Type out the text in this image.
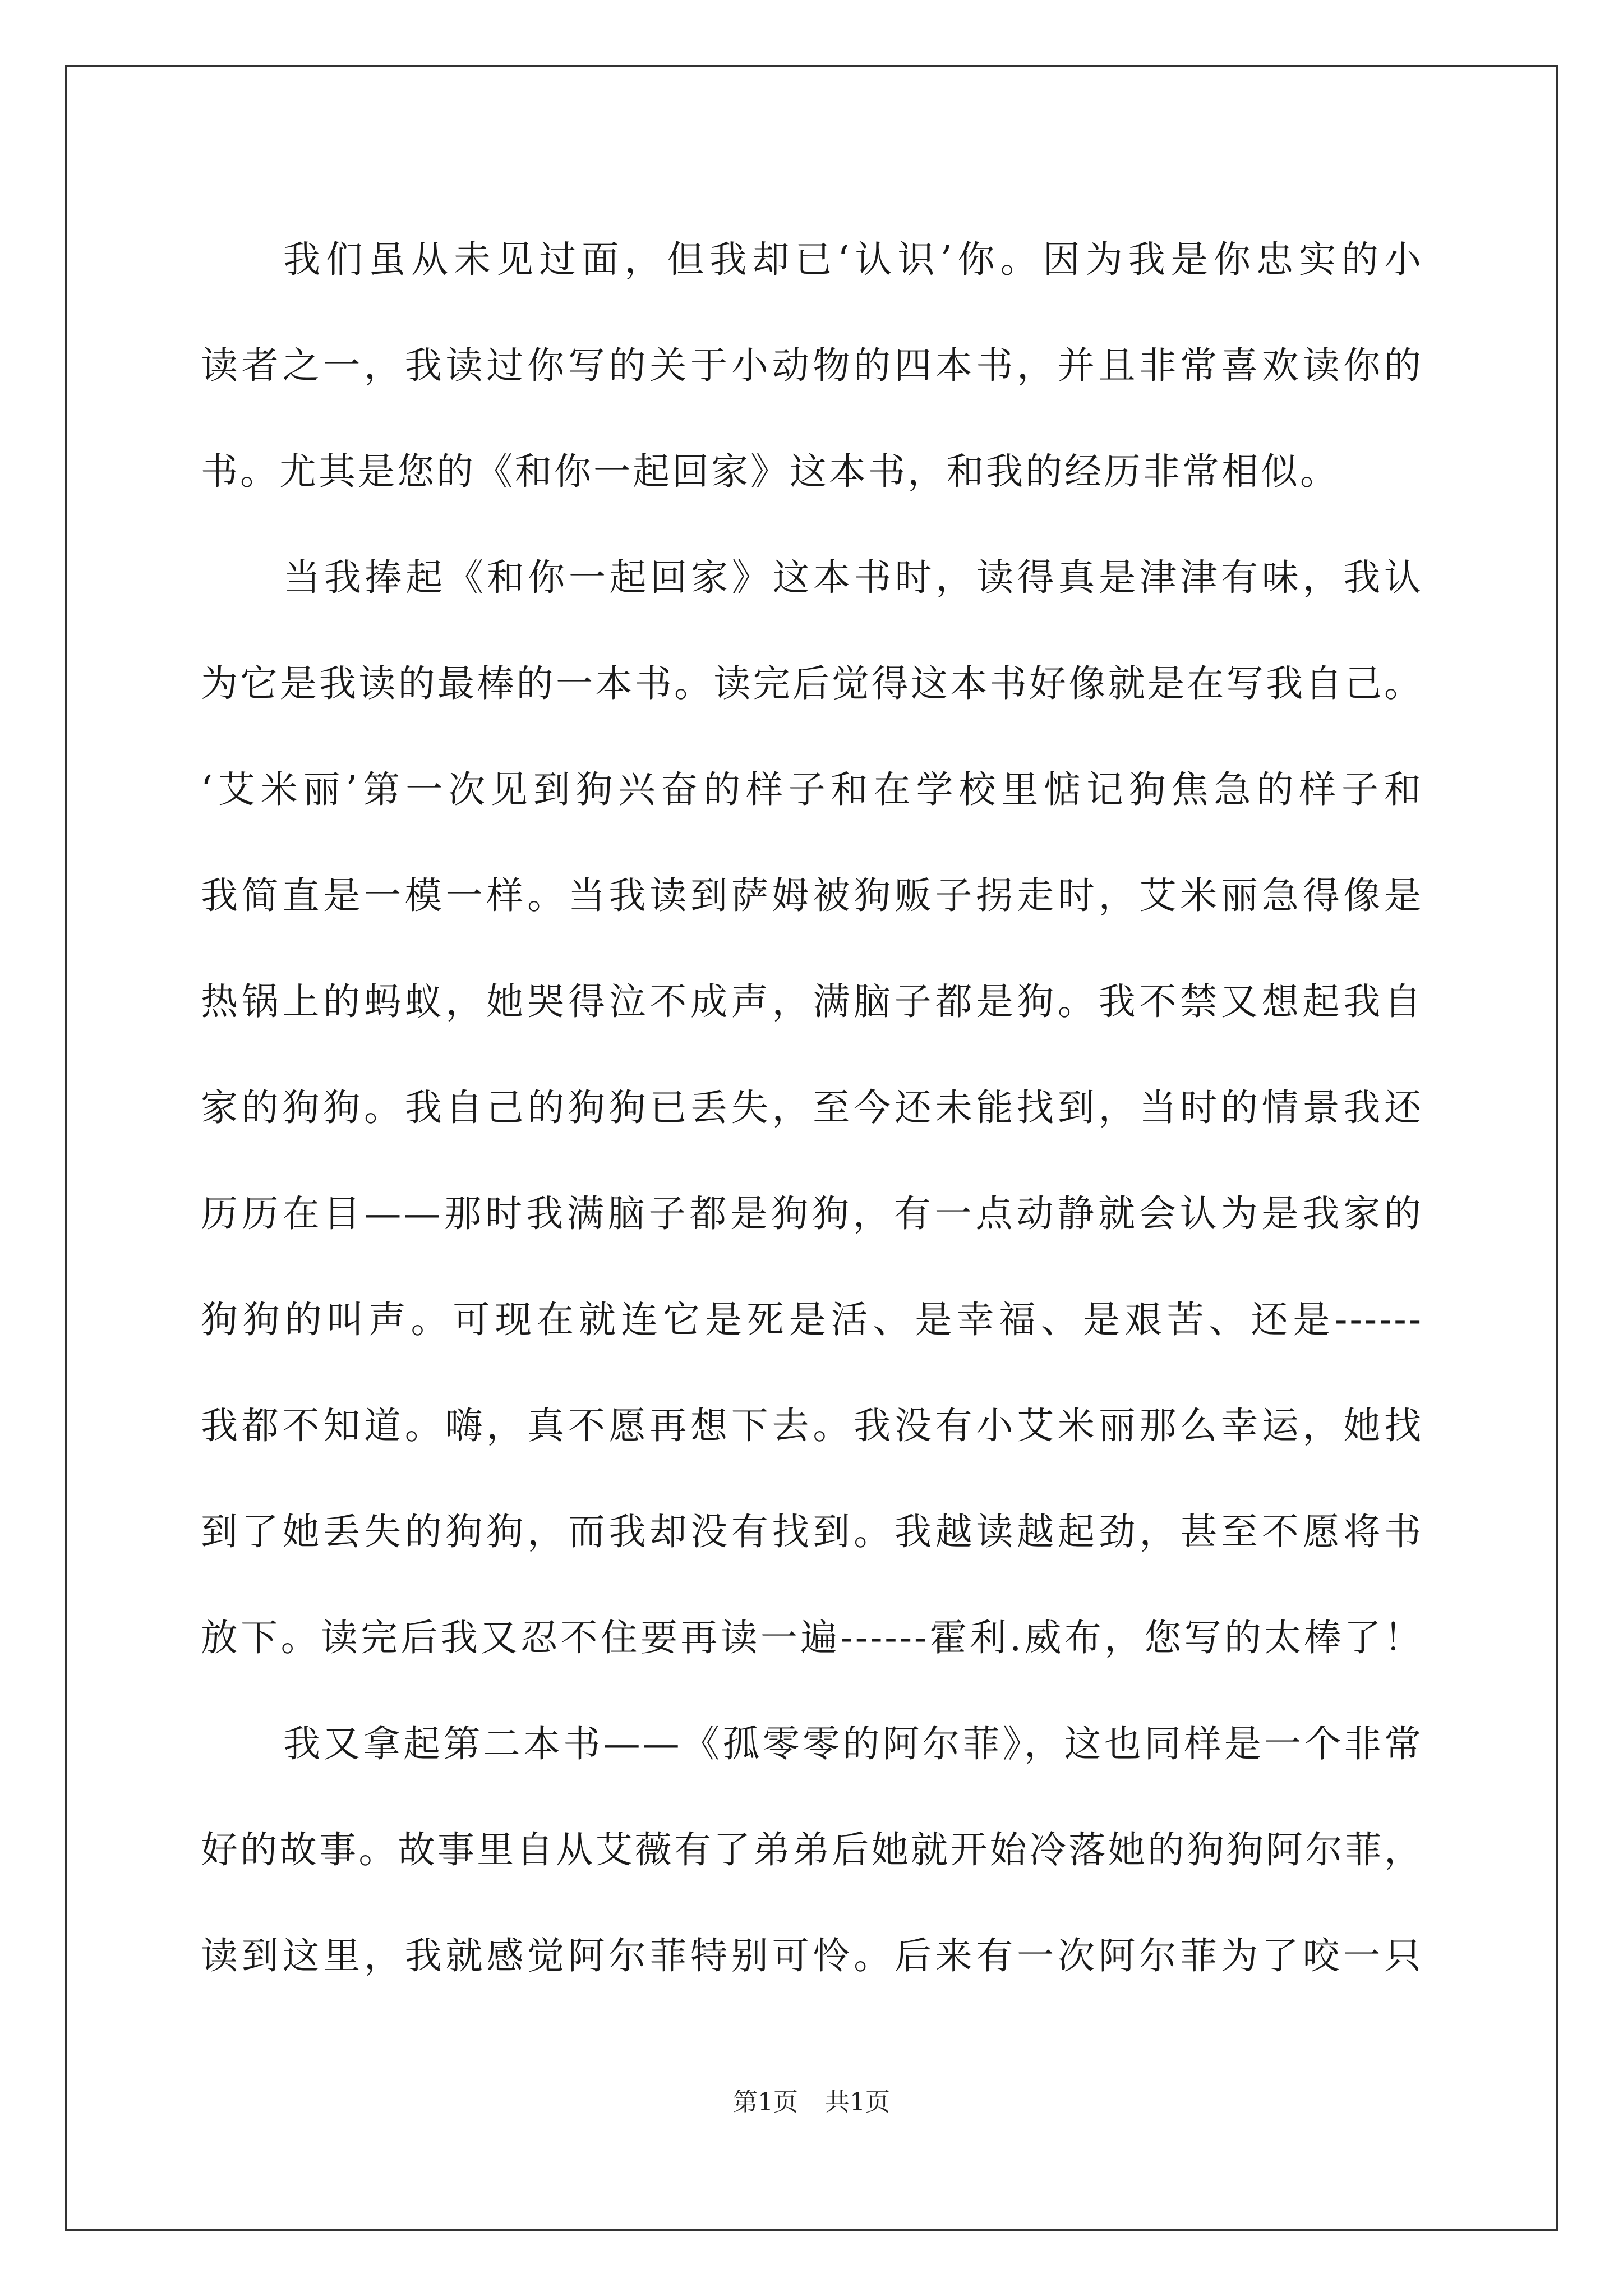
我们虽从未见过面，但我却已‘认识’你。因为我是你忠实的小
读者之一，我读过你写的关于小动物的四本书，并且非常喜欢读你的
书。尤其是您的《和你一起回家》这本书，和我的经历非常相似。
当我捧起《和你一起回家》这本书时，读得真是津津有味，我认
为它是我读的最棒的一本书。读完后觉得这本书好像就是在写我自己。
‘艾米丽’第一次见到狗兴奋的样子和在学校里惦记狗焦急的样子和
我简直是一模一样。当我读到萨姆被狗贩子拐走时，艾米丽急得像是
热锅上的蚂蚁，她哭得泣不成声，满脑子都是狗。我不禁又想起我自
家的狗狗。我自己的狗狗已丢失，至今还未能找到，当时的情景我还
历历在目——那时我满脑子都是狗狗，有一点动静就会认为是我家的
狗狗的叫声。可现在就连它是死是活、是幸福、是艰苦、还是------
我都不知道。嗨，真不愿再想下去。我没有小艾米丽那么幸运，她找
到了她丢失的狗狗，而我却没有找到。我越读越起劲，甚至不愿将书
放下。读完后我又忍不住要再读一遍------霍利.威布，您写的太棒了！
我又拿起第二本书——《孤零零的阿尔菲》，这也同样是一个非常
好的故事。故事里自从艾薇有了弟弟后她就开始冷落她的狗狗阿尔菲，
读到这里，我就感觉阿尔菲特别可怜。后来有一次阿尔菲为了咬一只
第1页 共1页
